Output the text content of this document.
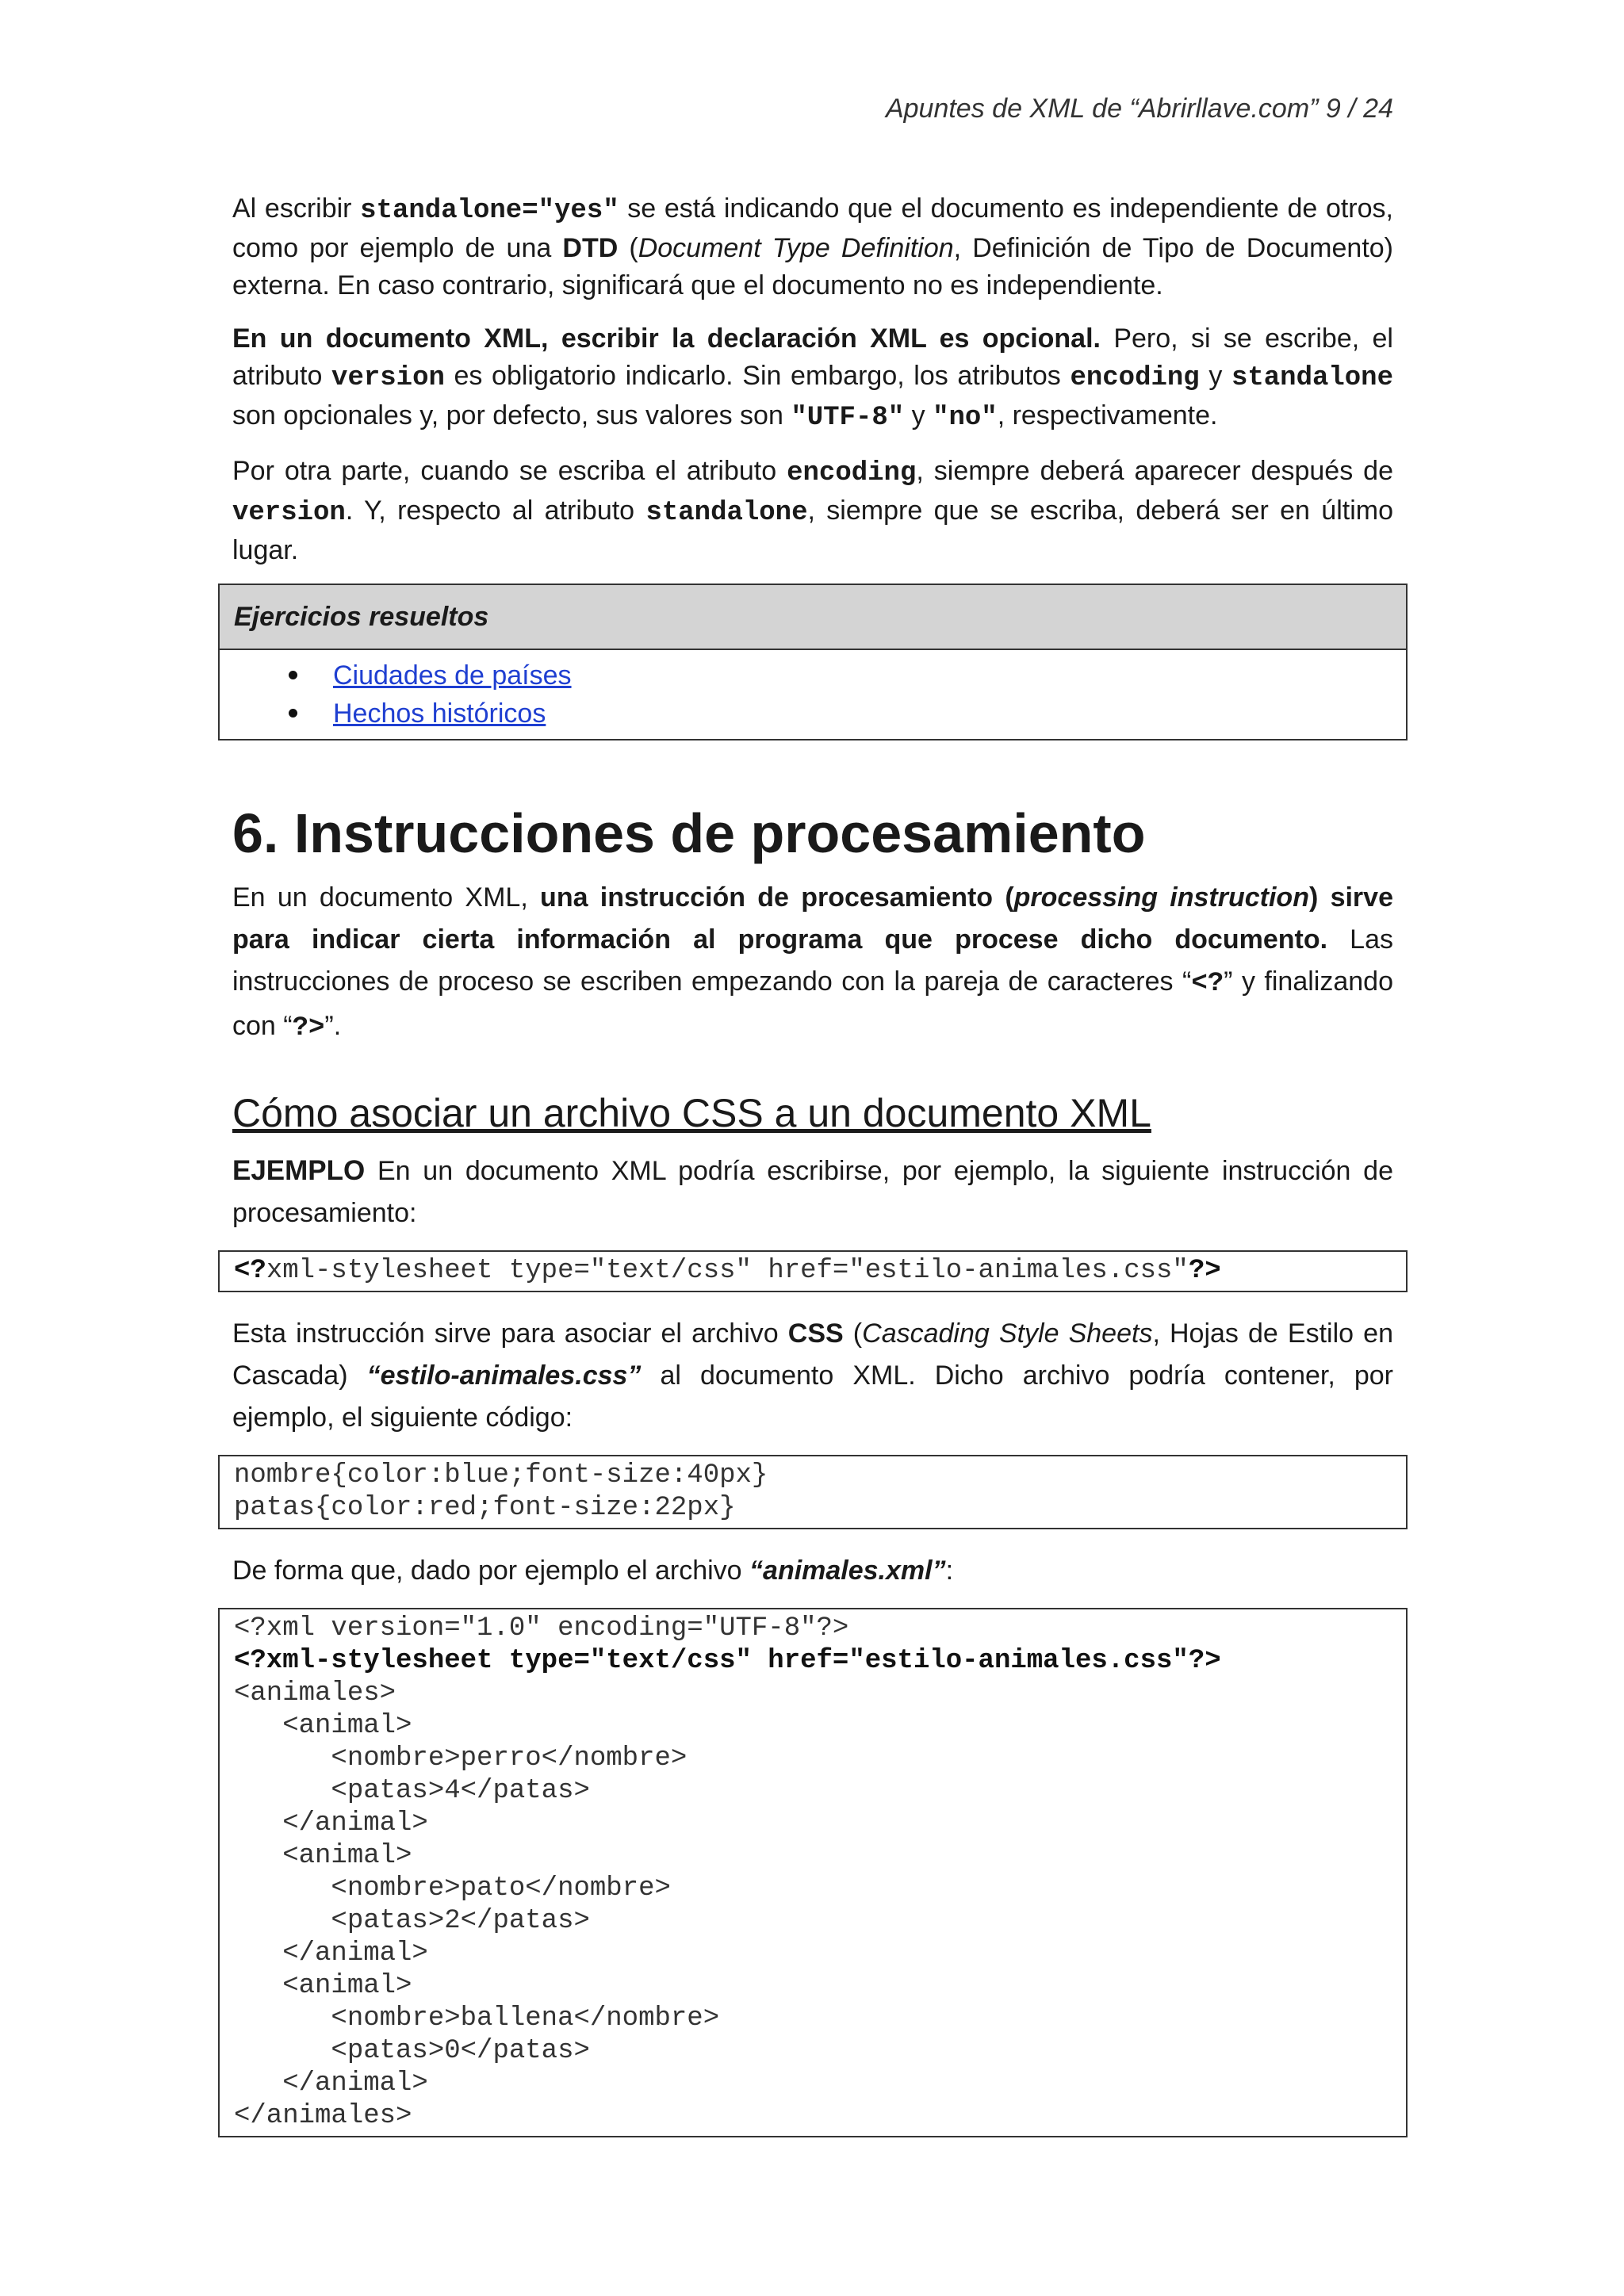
Apuntes de XML de “Abrirllave.com” 9 / 24

Al escribir standalone="yes" se está indicando que el documento es independiente de otros, como por ejemplo de una DTD (Document Type Definition, Definición de Tipo de Documento) externa. En caso contrario, significará que el documento no es independiente.

En un documento XML, escribir la declaración XML es opcional. Pero, si se escribe, el atributo version es obligatorio indicarlo. Sin embargo, los atributos encoding y standalone son opcionales y, por defecto, sus valores son "UTF-8" y "no", respectivamente.

Por otra parte, cuando se escriba el atributo encoding, siempre deberá aparecer después de version. Y, respecto al atributo standalone, siempre que se escriba, deberá ser en último lugar.

Ejercicios resueltos
Ciudades de países
Hechos históricos
6. Instrucciones de procesamiento

En un documento XML, una instrucción de procesamiento (processing instruction) sirve para indicar cierta información al programa que procese dicho documento. Las instrucciones de proceso se escriben empezando con la pareja de caracteres “<?” y finalizando con “?>”.

Cómo asociar un archivo CSS a un documento XML

EJEMPLO En un documento XML podría escribirse, por ejemplo, la siguiente instrucción de procesamiento:

<?xml-stylesheet type="text/css" href="estilo-animales.css"?>

Esta instrucción sirve para asociar el archivo CSS (Cascading Style Sheets, Hojas de Estilo en Cascada) “estilo-animales.css” al documento XML. Dicho archivo podría contener, por ejemplo, el siguiente código:

nombre{color:blue;font-size:40px}
patas{color:red;font-size:22px}

De forma que, dado por ejemplo el archivo “animales.xml”:

<?xml version="1.0" encoding="UTF-8"?>
<?xml-stylesheet type="text/css" href="estilo-animales.css"?>
<animales>
<animal>
<nombre>perro</nombre>
<patas>4</patas>
</animal>
<animal>
<nombre>pato</nombre>
<patas>2</patas>
</animal>
<animal>
<nombre>ballena</nombre>
<patas>0</patas>
</animal>
</animales>
